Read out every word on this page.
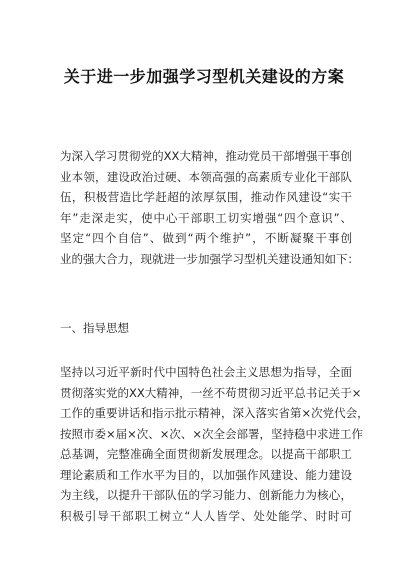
关于进一步加强学习型机关建设的方案
为深入学习贯彻党的XX大精神，推动党员干部增强干事创
业本领，建设政治过硬、本领高强的高素质专业化干部队
伍，积极营造比学赶超的浓厚氛围，推动作风建设“实干
年”走深走实，使中心干部职工切实增强“四个意识”、
坚定“四个自信”、做到“两个维护”，不断凝聚干事创
业的强大合力，现就进一步加强学习型机关建设通知如下：
一、指导思想
坚持以习近平新时代中国特色社会主义思想为指导，全面
贯彻落实党的XX大精神，一丝不苟贯彻习近平总书记关于×
工作的重要讲话和指示批示精神，深入落实省第×次党代会，
按照市委×届×次、×次、×次全会部署，坚持稳中求进工作
总基调，完整准确全面贯彻新发展理念。以提高干部职工
理论素质和工作水平为目的，以加强作风建设、能力建设
为主线，以提升干部队伍的学习能力、创新能力为核心，
积极引导干部职工树立“人人皆学、处处能学、时时可
